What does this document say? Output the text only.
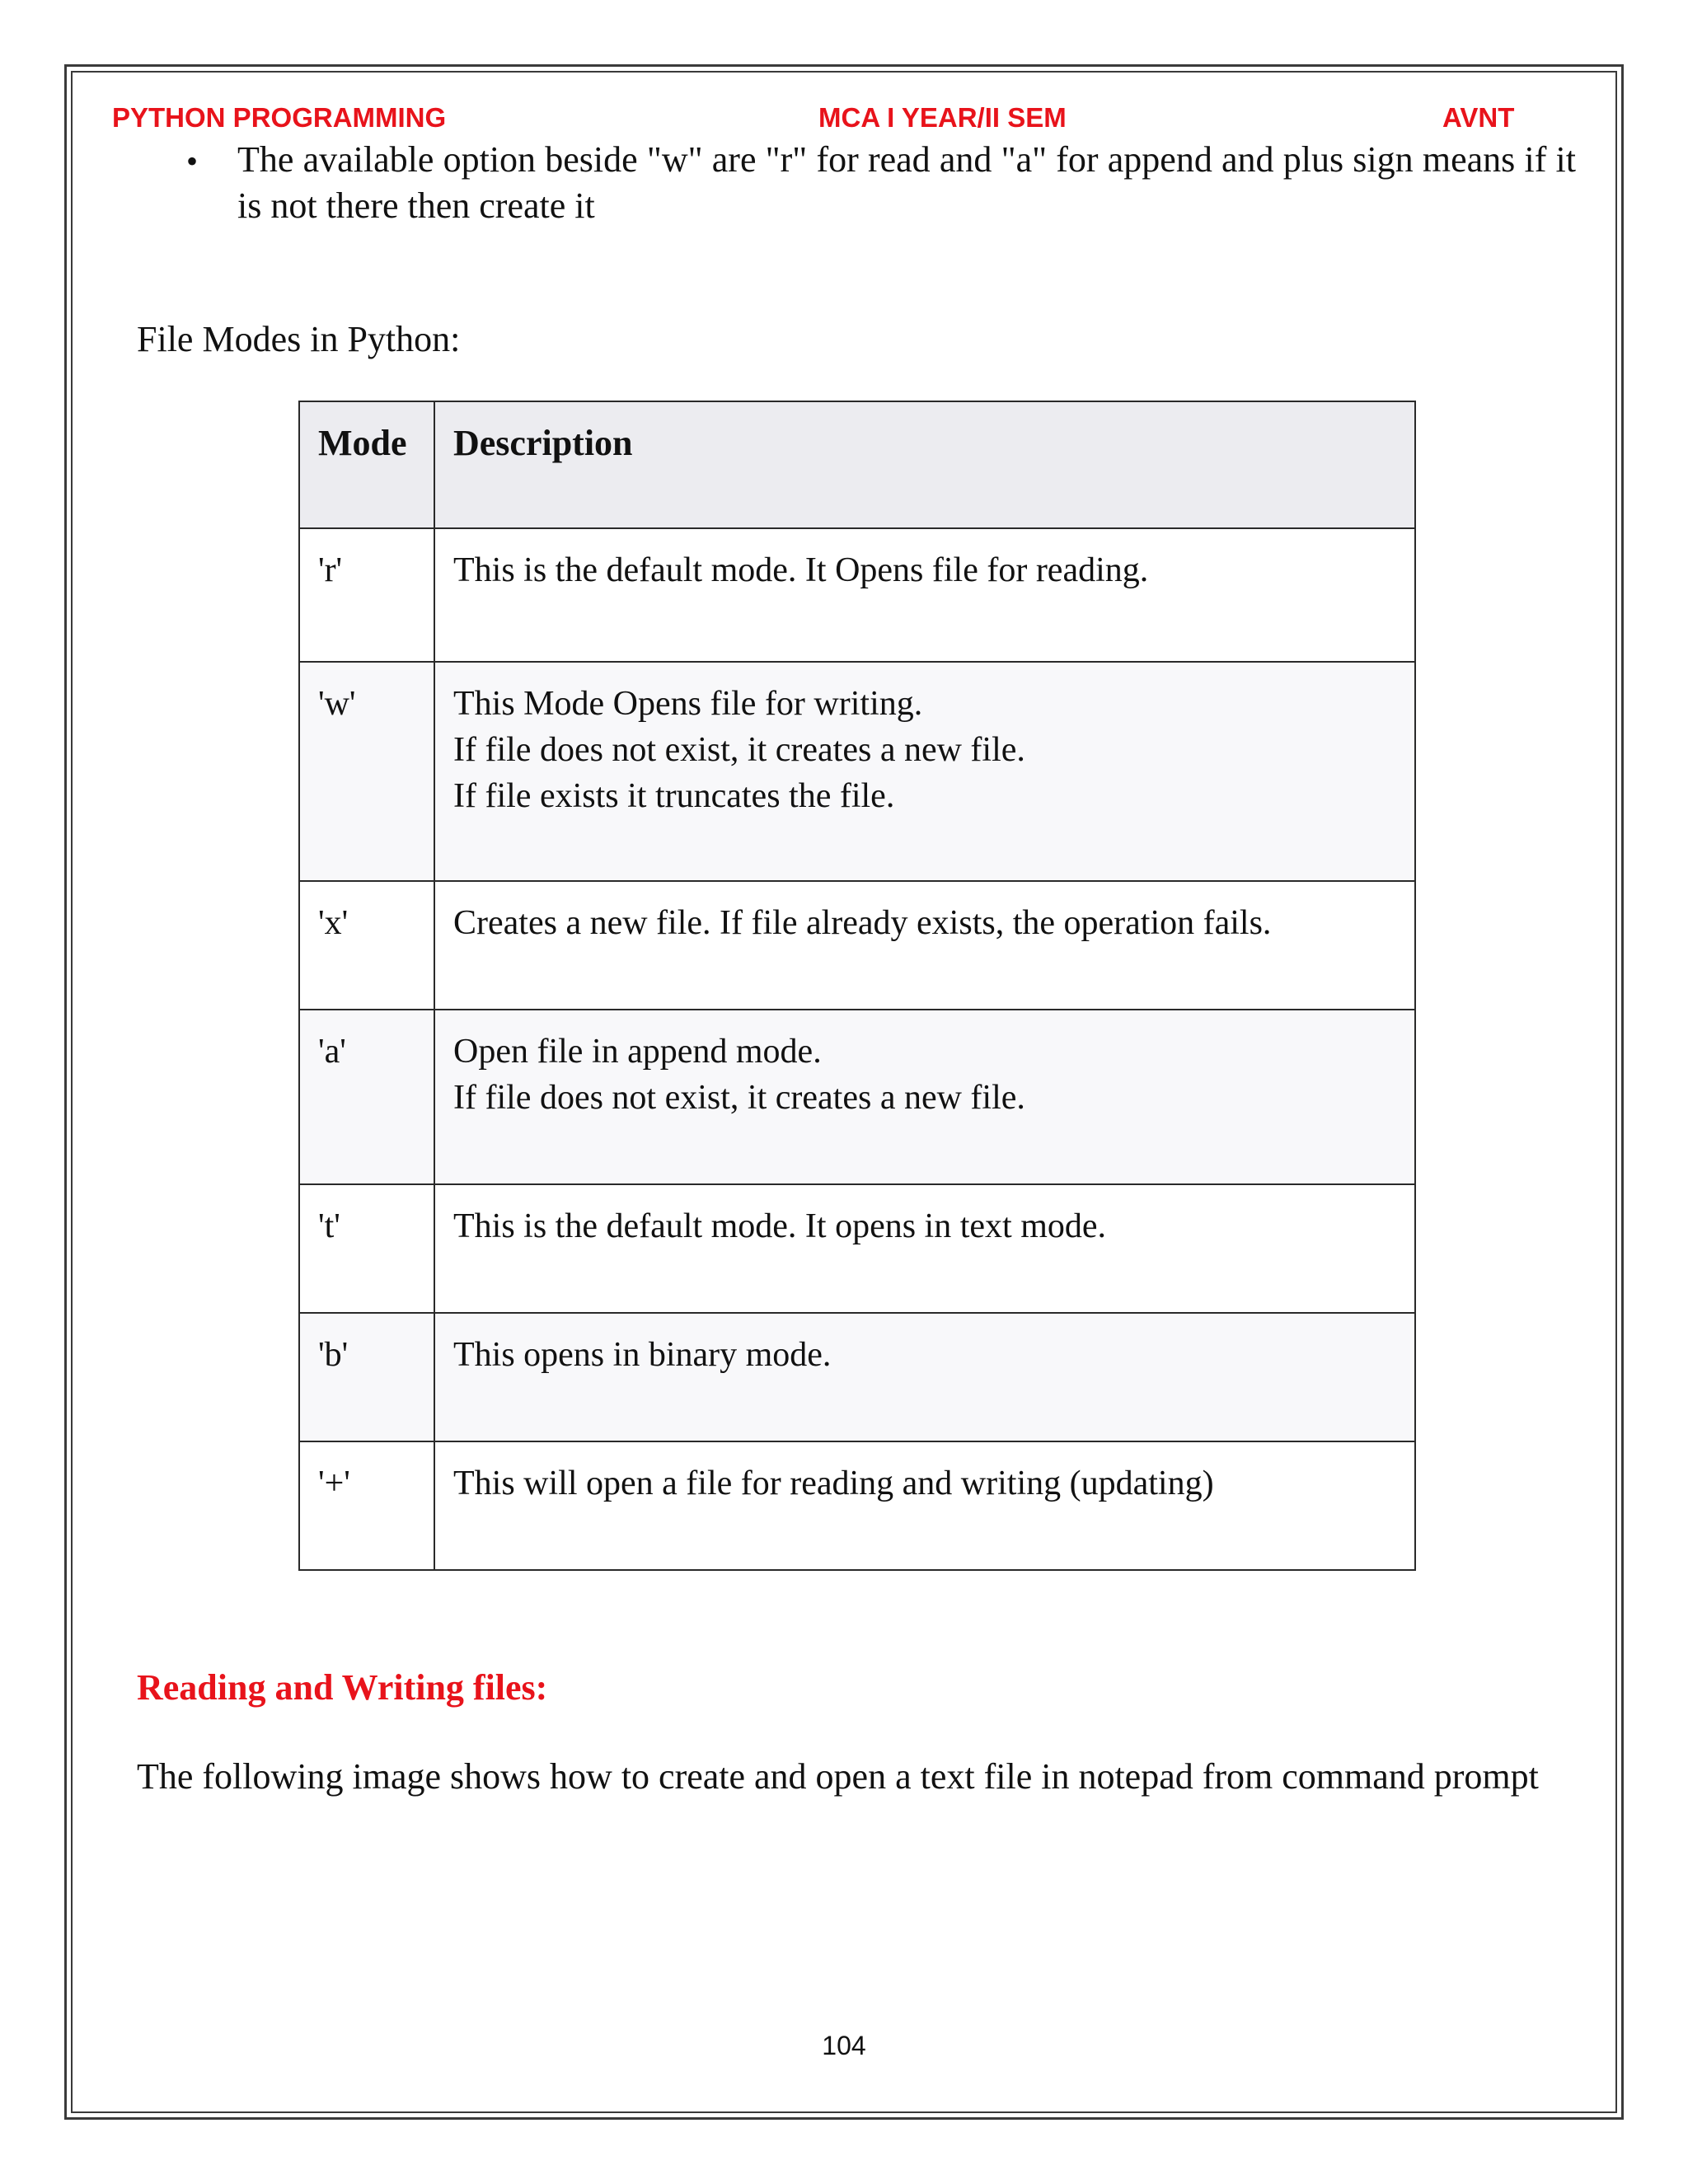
PYTHON PROGRAMMING	MCA I YEAR/II SEM	AVNT
• The available option beside "w" are "r" for read and "a" for append and plus sign means if it is not there then create it
File Modes in Python:
Mode	Description
'r'	This is the default mode. It Opens file for reading.

'w'	This Mode Opens file for writing.
If file does not exist, it creates a new file.
If file exists it truncates the file.

'x'	Creates a new file. If file already exists, the operation fails.

'a'	Open file in append mode.
If file does not exist, it creates a new file.

't'	This is the default mode. It opens in text mode.

'b'	This opens in binary mode.

'+'	This will open a file for reading and writing (updating)
Reading and Writing files:
The following image shows how to create and open a text file in notepad from command prompt
104
